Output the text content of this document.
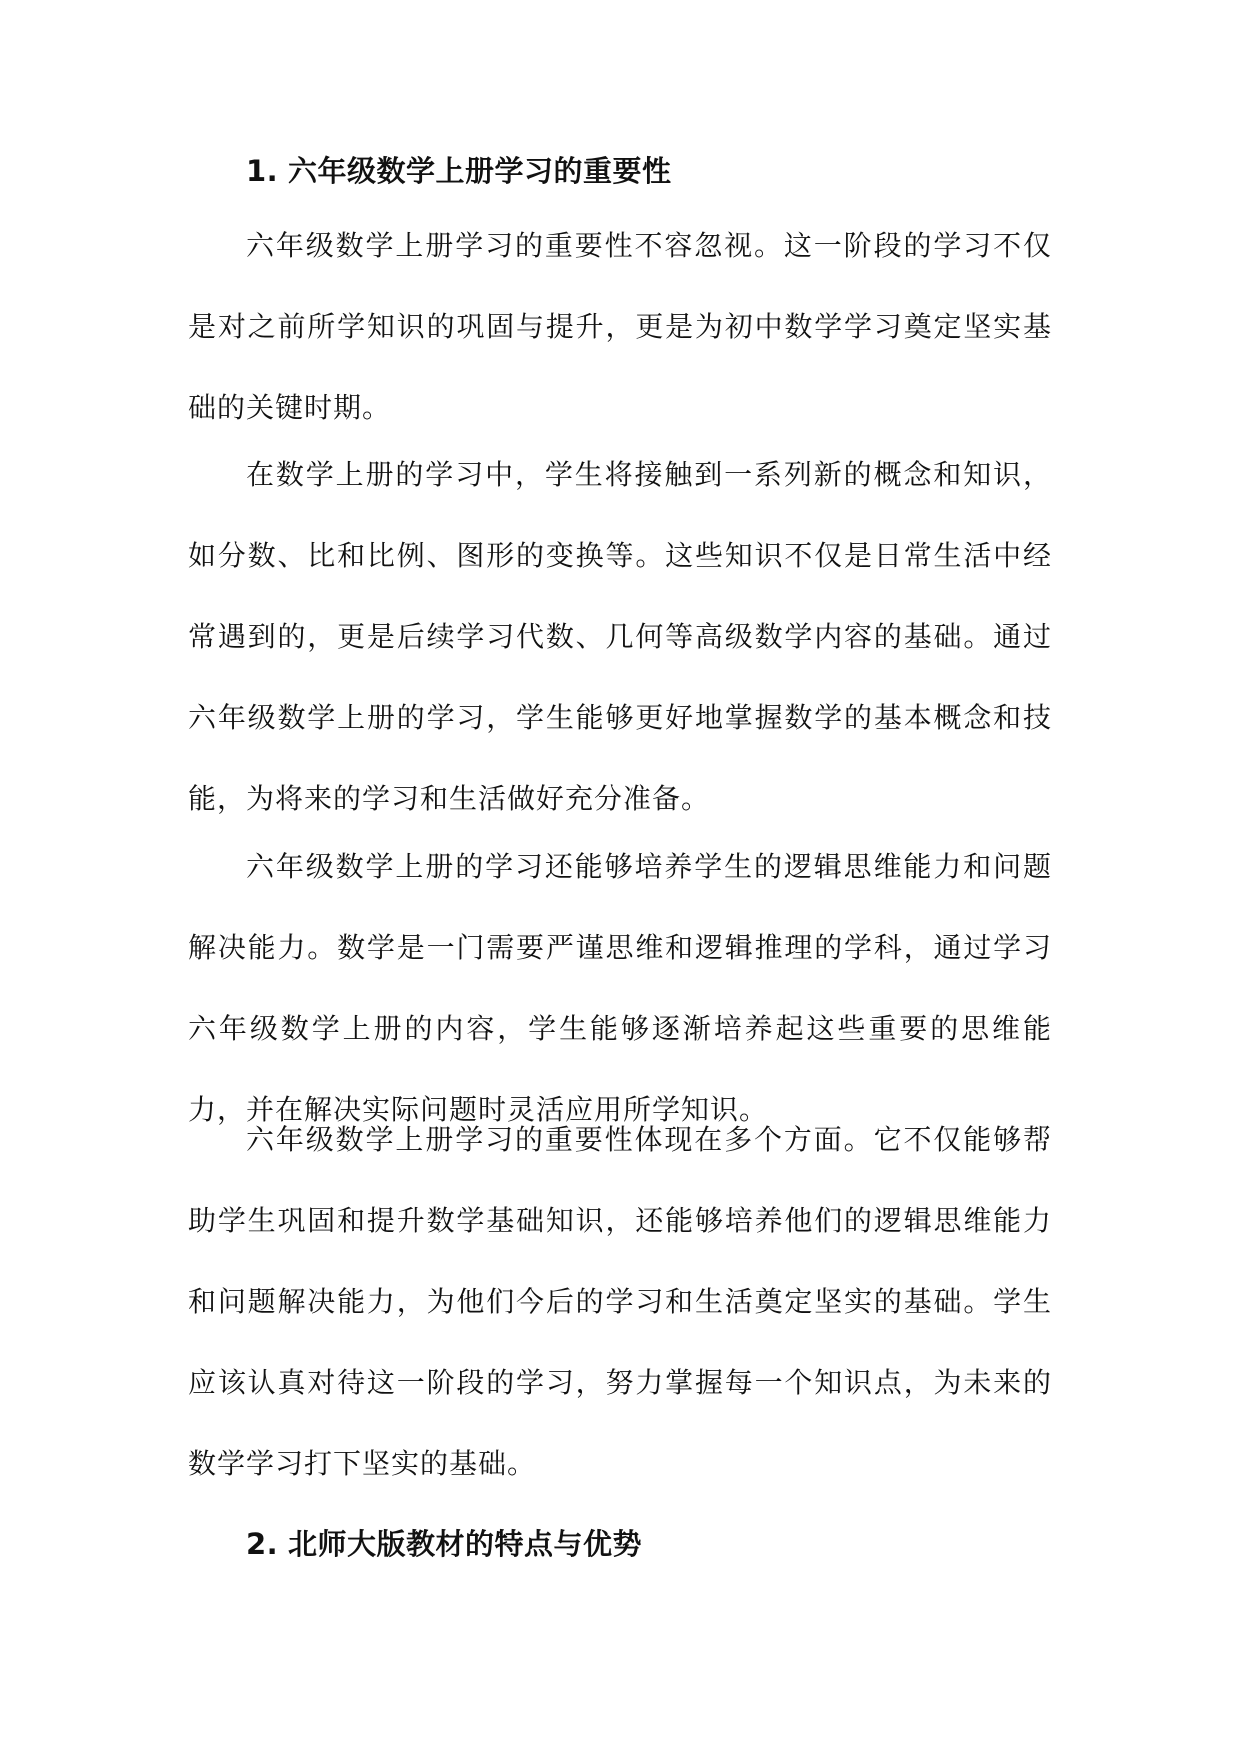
1. 六年级数学上册学习的重要性

六年级数学上册学习的重要性不容忽视。这一阶段的学习不仅是对之前所学知识的巩固与提升，更是为初中数学学习奠定坚实基础的关键时期。

在数学上册的学习中，学生将接触到一系列新的概念和知识，如分数、比和比例、图形的变换等。这些知识不仅是日常生活中经常遇到的，更是后续学习代数、几何等高级数学内容的基础。通过六年级数学上册的学习，学生能够更好地掌握数学的基本概念和技能，为将来的学习和生活做好充分准备。

六年级数学上册的学习还能够培养学生的逻辑思维能力和问题解决能力。数学是一门需要严谨思维和逻辑推理的学科，通过学习六年级数学上册的内容，学生能够逐渐培养起这些重要的思维能力，并在解决实际问题时灵活应用所学知识。

六年级数学上册学习的重要性体现在多个方面。它不仅能够帮助学生巩固和提升数学基础知识，还能够培养他们的逻辑思维能力和问题解决能力，为他们今后的学习和生活奠定坚实的基础。学生应该认真对待这一阶段的学习，努力掌握每一个知识点，为未来的数学学习打下坚实的基础。

2. 北师大版教材的特点与优势
